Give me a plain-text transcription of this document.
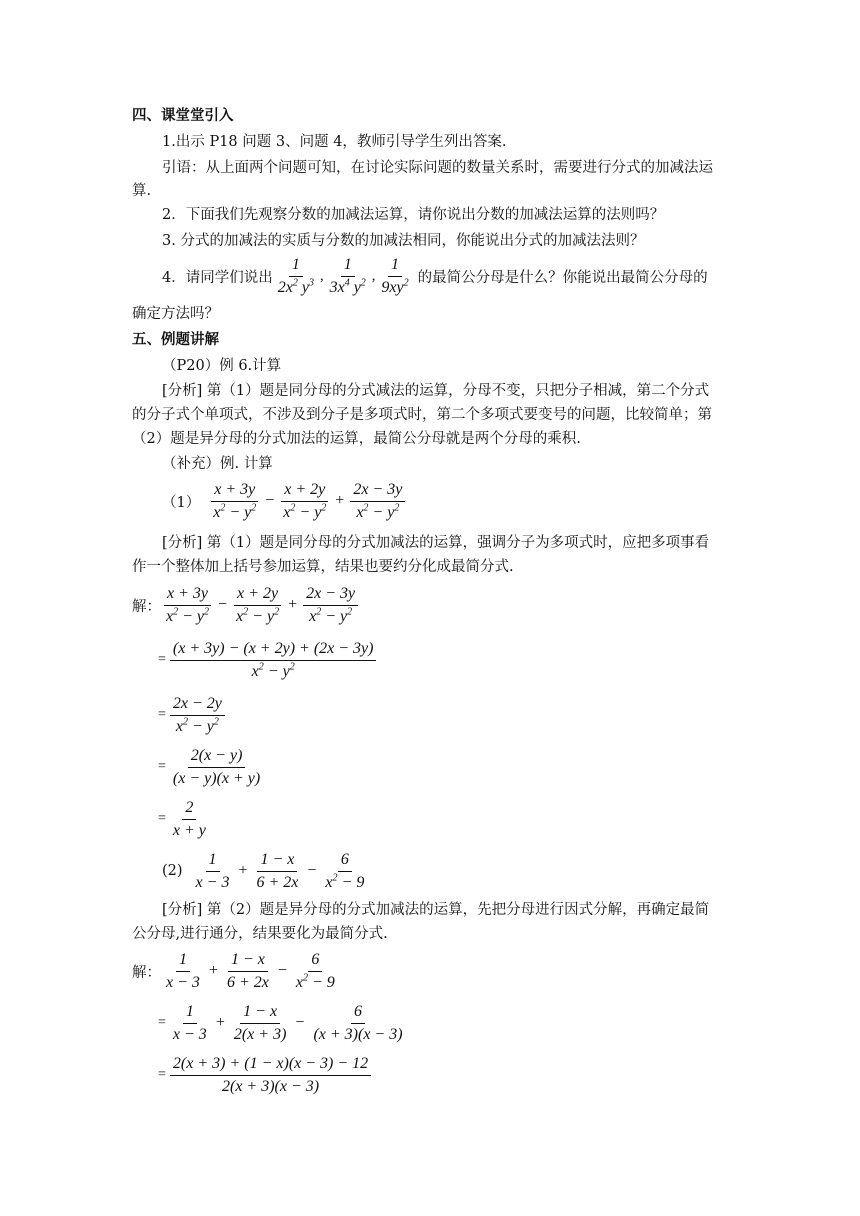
四、课堂堂引入
1.出示 P18 问题 3、问题 4，教师引导学生列出答案.
引语：从上面两个问题可知，在讨论实际问题的数量关系时，需要进行分式的加减法运
算.
2．下面我们先观察分数的加减法运算，请你说出分数的加减法运算的法则吗？
3. 分式的加减法的实质与分数的加减法相同，你能说出分式的加减法法则？
4．请同学们说出 $\frac{1}{2x^2 y^3}$ , $\frac{1}{3x^4 y^2}$ , $\frac{1}{9xy^2}$ 的最简公分母是什么？你能说出最简公分母的
确定方法吗？
五、例题讲解
（P20）例 6.计算
[分析] 第（1）题是同分母的分式减法的运算，分母不变，只把分子相减，第二个分式
的分子式个单项式，不涉及到分子是多项式时，第二个多项式要变号的问题，比较简单；第
（2）题是异分母的分式加法的运算，最简公分母就是两个分母的乘积.
（补充）例. 计算
$(1) \frac{x + 3y}{x^2 - y^2} - \frac{x + 2y}{x^2 - y^2} + \frac{2x - 3y}{x^2 - y^2}$
[分析] 第（1）题是同分母的分式加减法的运算，强调分子为多项式时，应把多项事看
作一个整体加上括号参加运算，结果也要约分化成最简分式.
解： $\frac{x + 3y}{x^2 - y^2} - \frac{x + 2y}{x^2 - y^2} + \frac{2x - 3y}{x^2 - y^2}$
= $\frac{(x + 3y) - (x + 2y) + (2x - 3y)}{x^2 - y^2}$
= $\frac{2x - 2y}{x^2 - y^2}$
= $\frac{2(x - y)}{(x - y)(x + y)}$
= $\frac{2}{x + y}$
$(2) \frac{1}{x - 3} + \frac{1 - x}{6 + 2x} - \frac{6}{x^2 - 9}$
[分析] 第（2）题是异分母的分式加减法的运算，先把分母进行因式分解，再确定最简
公分母,进行通分，结果要化为最简分式.
解： $\frac{1}{x - 3} + \frac{1 - x}{6 + 2x} - \frac{6}{x^2 - 9}$
= $\frac{1}{x - 3} + \frac{1 - x}{2(x + 3)} - \frac{6}{(x + 3)(x - 3)}$
= $\frac{2(x + 3) + (1 - x)(x - 3) - 12}{2(x + 3)(x - 3)}$
